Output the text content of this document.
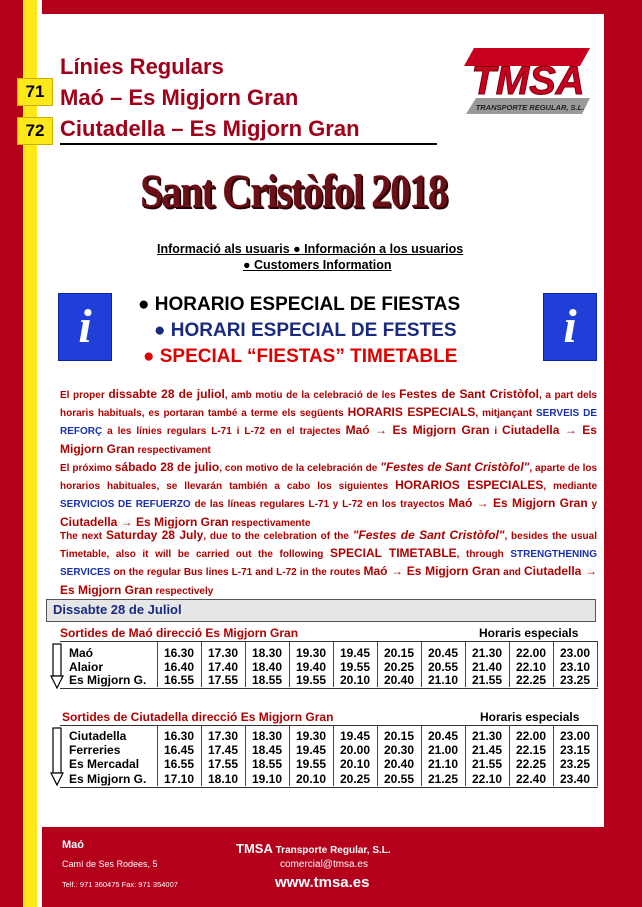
71
72
Línies Regulars
Maó – Es Migjorn Gran
Ciutadella – Es Migjorn Gran
TMSA
TRANSPORTE REGULAR, S.L.
Sant Cristòfol 2018
Informació als usuaris ● Información a los usuarios
● Customers Information
i	i
● HORARIO ESPECIAL DE FIESTAS
● HORARI ESPECIAL DE FESTES
● SPECIAL “FIESTAS” TIMETABLE
El proper dissabte 28 de juliol, amb motiu de la celebració de les Festes de Sant Cristòfol, a part dels horaris habituals, es portaran també a terme els següents HORARIS ESPECIALS, mitjançant SERVEIS DE REFORÇ a les línies regulars L-71 i L-72 en el trajectes Maó → Es Migjorn Gran i Ciutadella → Es Migjorn Gran respectivament
El próximo sábado 28 de julio, con motivo de la celebración de "Festes de Sant Cristòfol", aparte de los horarios habituales, se llevarán también a cabo los siguientes HORARIOS ESPECIALES, mediante SERVICIOS DE REFUERZO de las líneas regulares L-71 y L-72 en los trayectos Maó → Es Migjorn Gran y Ciutadella → Es Migjorn Gran respectivamente
The next Saturday 28 July, due to the celebration of the "Festes de Sant Cristòfol", besides the usual Timetable, also it will be carried out the following SPECIAL TIMETABLE, through STRENGTHENING SERVICES on the regular Bus lines L-71 and L-72 in the routes Maó → Es Migjorn Gran and Ciutadella → Es Migjorn Gran respectively
Dissabte 28 de Juliol
Sortides de Maó direcció Es Migjorn Gran	Horaris especials
Maó	16.30	17.30	18.30	19.30	19.45	20.15	20.45	21.30	22.00	23.00
Alaior	16.40	17.40	18.40	19.40	19.55	20.25	20.55	21.40	22.10	23.10
Es Migjorn G.	16.55	17.55	18.55	19.55	20.10	20.40	21.10	21.55	22.25	23.25
Sortides de Ciutadella direcció Es Migjorn Gran	Horaris especials
Ciutadella	16.30	17.30	18.30	19.30	19.45	20.15	20.45	21.30	22.00	23.00
Ferreries	16.45	17.45	18.45	19.45	20.00	20.30	21.00	21.45	22.15	23.15
Es Mercadal	16.55	17.55	18.55	19.55	20.10	20.40	21.10	21.55	22.25	23.25
Es Migjorn G.	17.10	18.10	19.10	20.10	20.25	20.55	21.25	22.10	22.40	23.40
Maó
Camí de Ses Rodees, 5
Telf.: 971 360475 Fax: 971 354007
TMSA Transporte Regular, S.L.
comercial@tmsa.es
www.tmsa.es
